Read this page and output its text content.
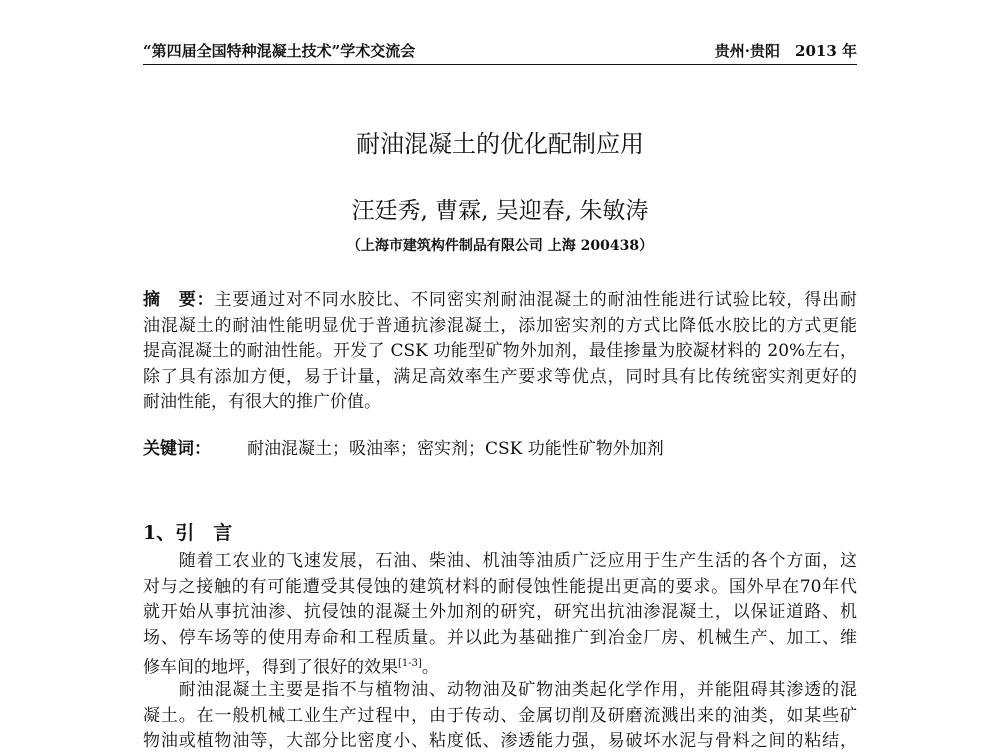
“第四届全国特种混凝土技术”学术交流会	贵州·贵阳　2013 年
耐油混凝土的优化配制应用
汪廷秀, 曹霖, 吴迎春, 朱敏涛
（上海市建筑构件制品有限公司 上海 200438）
摘　要：主要通过对不同水胶比、不同密实剂耐油混凝土的耐油性能进行试验比较，得出耐
油混凝土的耐油性能明显优于普通抗渗混凝土，添加密实剂的方式比降低水胶比的方式更能
提高混凝土的耐油性能。开发了 CSK 功能型矿物外加剂，最佳掺量为胶凝材料的 20%左右，
除了具有添加方便，易于计量，满足高效率生产要求等优点，同时具有比传统密实剂更好的
耐油性能，有很大的推广价值。
关键词： 耐油混凝土；吸油率；密实剂；CSK 功能性矿物外加剂
1、引　言
　　随着工农业的飞速发展，石油、柴油、机油等油质广泛应用于生产生活的各个方面，这
对与之接触的有可能遭受其侵蚀的建筑材料的耐侵蚀性能提出更高的要求。国外早在70年代
就开始从事抗油渗、抗侵蚀的混凝土外加剂的研究，研究出抗油渗混凝土，以保证道路、机
场、停车场等的使用寿命和工程质量。并以此为基础推广到冶金厂房、机械生产、加工、维
修车间的地坪，得到了很好的效果[1-3]。
　　耐油混凝土主要是指不与植物油、动物油及矿物油类起化学作用，并能阻碍其渗透的混
凝土。在一般机械工业生产过程中，由于传动、金属切削及研磨流溅出来的油类，如某些矿
物油或植物油等，大部分比密度小、粘度低、渗透能力强，易破坏水泥与骨料之间的粘结，
